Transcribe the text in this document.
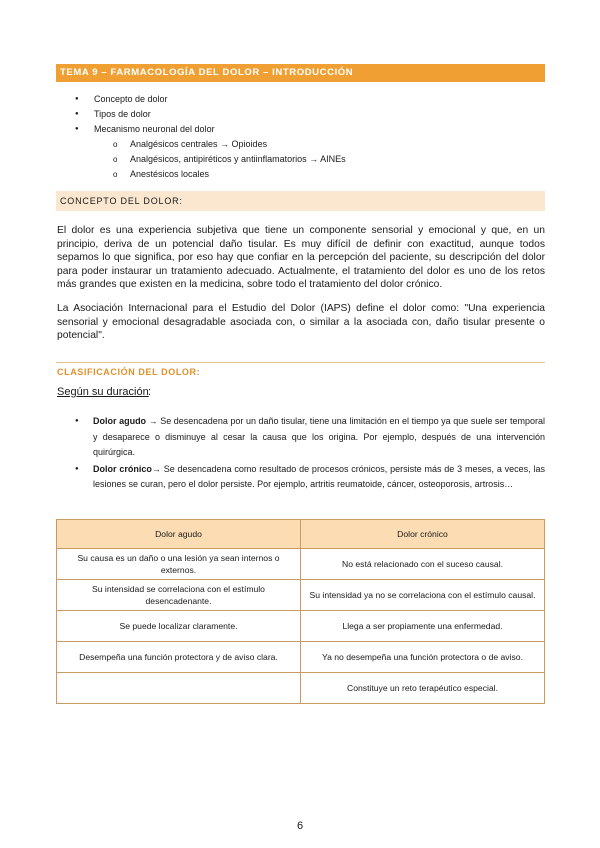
TEMA 9 – FARMACOLOGÍA DEL DOLOR – INTRODUCCIÓN
● Concepto de dolor
● Tipos de dolor
● Mecanismo neuronal del dolor
o Analgésicos centrales → Opioides
o Analgésicos, antipiréticos y antiinflamatorios → AINEs
o Anestésicos locales
CONCEPTO DEL DOLOR:

El dolor es una experiencia subjetiva que tiene un componente sensorial y emocional y que, en un principio, deriva de un potencial daño tisular. Es muy difícil de definir con exactitud, aunque todos sepamos lo que significa, por eso hay que confiar en la percepción del paciente, su descripción del dolor para poder instaurar un tratamiento adecuado. Actualmente, el tratamiento del dolor es uno de los retos más grandes que existen en la medicina, sobre todo el tratamiento del dolor crónico.

La Asociación Internacional para el Estudio del Dolor (IAPS) define el dolor como: "Una experiencia sensorial y emocional desagradable asociada con, o similar a la asociada con, daño tisular presente o potencial".

CLASIFICACIÓN DEL DOLOR:
Según su duración :
● Dolor agudo → Se desencadena por un daño tisular, tiene una limitación en el tiempo ya que suele ser temporal y desaparece o disminuye al cesar la causa que los origina. Por ejemplo, después de una intervención quirúrgica.
● Dolor crónico→ Se desencadena como resultado de procesos crónicos, persiste más de 3 meses, a veces, las lesiones se curan, pero el dolor persiste. Por ejemplo, artritis reumatoide, cáncer, osteoporosis, artrosis…
Dolor agudo	Dolor crónico
Su causa es un daño o una lesión ya sean internos o externos.	No está relacionado con el suceso causal.
Su intensidad se correlaciona con el estímulo desencadenante.	Su intensidad ya no se correlaciona con el estímulo causal.
Se puede localizar claramente.	Llega a ser propiamente una enfermedad.
Desempeña una función protectora y de aviso clara.	Ya no desempeña una función protectora o de aviso.
	Constituye un reto terapéutico especial.
6
